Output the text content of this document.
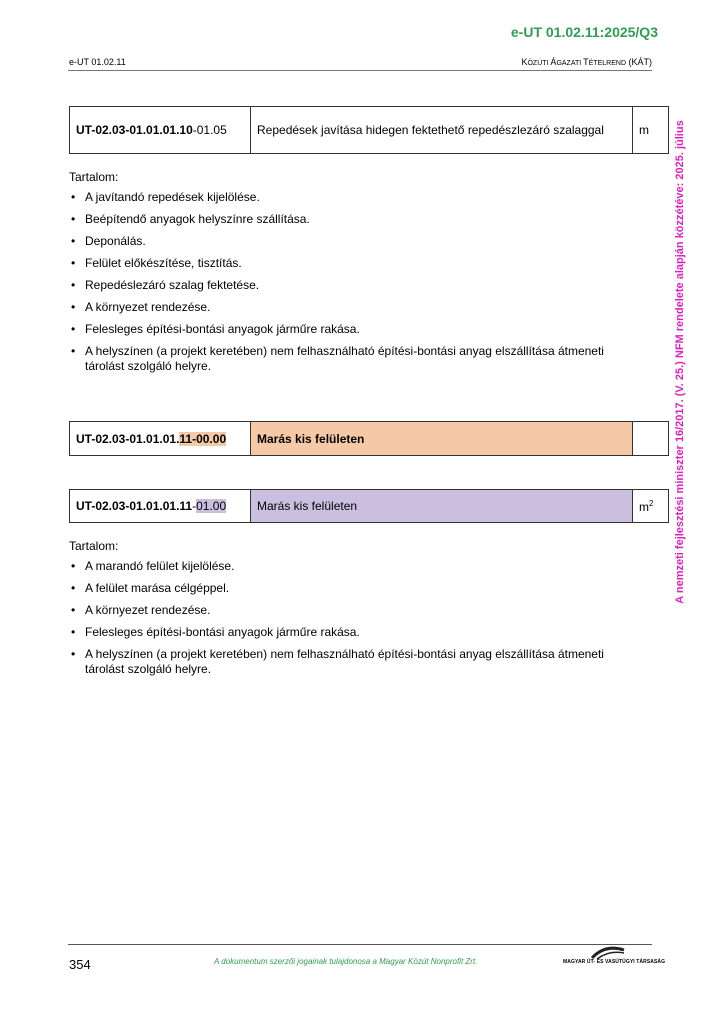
e-UT 01.02.11:2025/Q3
e-UT 01.02.11	KÖZÚTI ÁGAZATI TÉTELREND (KÁT)
A nemzeti fejlesztési miniszter 16/2017. (V. 25.) NFM rendelete alapján közzétéve: 2025. július
UT-02.03-01.01.01.10-01.05	Repedések javítása hidegen fektethető repedészlezáró szalaggal	m

Tartalom:

• A javítandó repedések kijelölése.
• Beépítendő anyagok helyszínre szállítása.
• Deponálás.
• Felület előkészítése, tisztítás.
• Repedéslezáró szalag fektetése.
• A környezet rendezése.
• Felesleges építési-bontási anyagok járműre rakása.
• A helyszínen (a projekt keretében) nem felhasználható építési-bontási anyag elszállítása átmeneti tárolást szolgáló helyre.
UT-02.03-01.01.01.11-00.00	Marás kis felületen	
UT-02.03-01.01.01.11-01.00	Marás kis felületen	$m^2$

Tartalom:

• A marandó felület kijelölése.
• A felület marása célgéppel.
• A környezet rendezése.
• Felesleges építési-bontási anyagok járműre rakása.
• A helyszínen (a projekt keretében) nem felhasználható építési-bontási anyag elszállítása átmeneti tárolást szolgáló helyre.
354	A dokumentum szerzői jogainak tulajdonosa a Magyar Közút Nonprofit Zrt.	MAGYAR ÚT- ÉS VASÚTÜGYI TÁRSASÁG
